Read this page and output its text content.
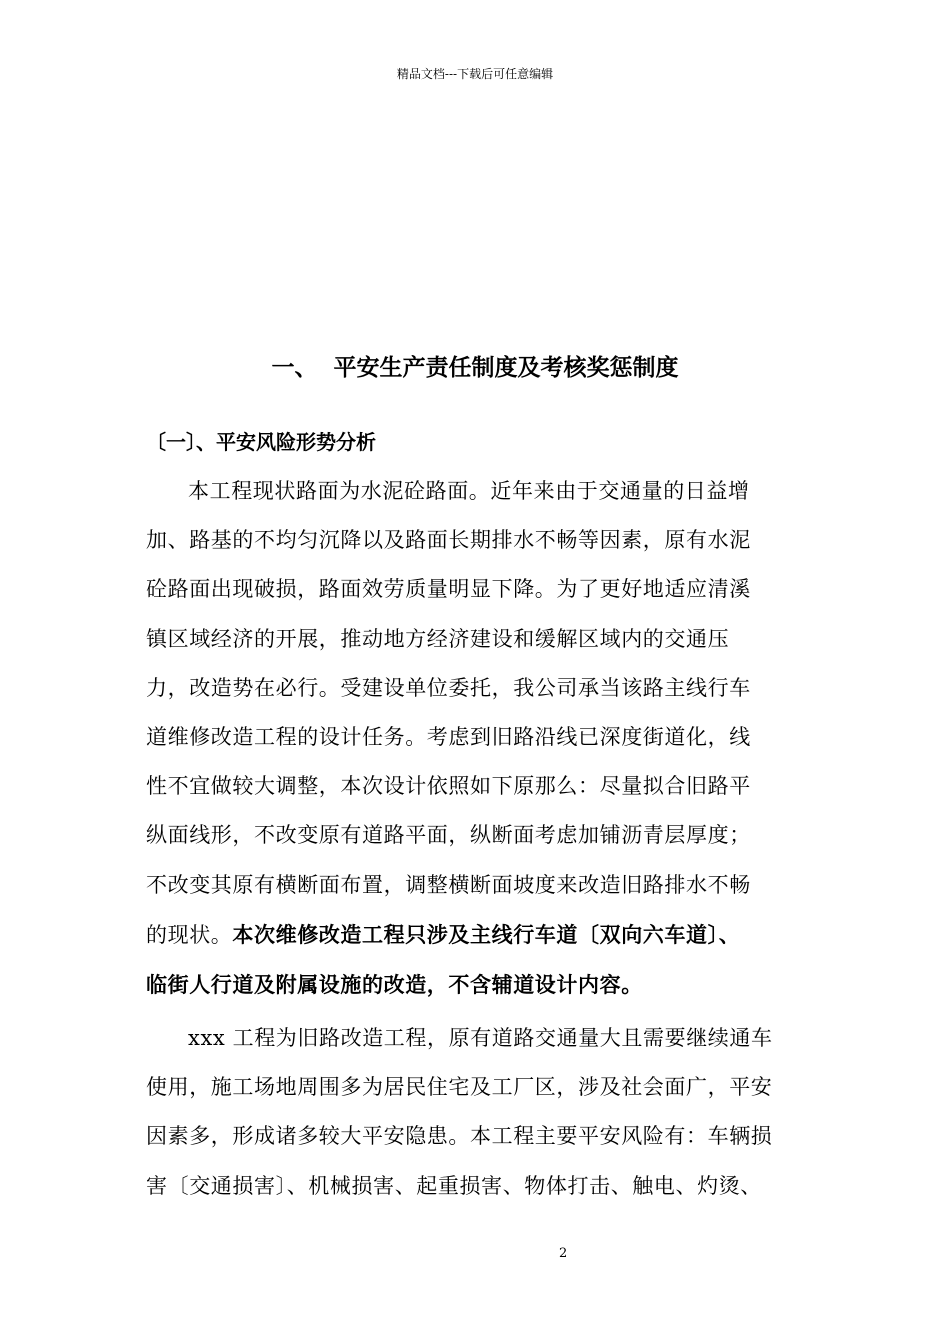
精品文档---下载后可任意编辑
一、  平安生产责任制度及考核奖惩制度
〔一〕、平安风险形势分析
本工程现状路面为水泥砼路面。近年来由于交通量的日益增
加、路基的不均匀沉降以及路面长期排水不畅等因素，原有水泥
砼路面出现破损，路面效劳质量明显下降。为了更好地适应清溪
镇区域经济的开展，推动地方经济建设和缓解区域内的交通压
力，改造势在必行。受建设单位委托，我公司承当该路主线行车
道维修改造工程的设计任务。考虑到旧路沿线已深度街道化，线
性不宜做较大调整，本次设计依照如下原那么：尽量拟合旧路平
纵面线形，不改变原有道路平面，纵断面考虑加铺沥青层厚度；
不改变其原有横断面布置，调整横断面坡度来改造旧路排水不畅
的现状。本次维修改造工程只涉及主线行车道〔双向六车道〕、
临街人行道及附属设施的改造，不含辅道设计内容。
xxx 工程为旧路改造工程，原有道路交通量大且需要继续通车
使用，施工场地周围多为居民住宅及工厂区，涉及社会面广，平安
因素多，形成诸多较大平安隐患。本工程主要平安风险有：车辆损
害〔交通损害〕、机械损害、起重损害、物体打击、触电、灼烫、
2
